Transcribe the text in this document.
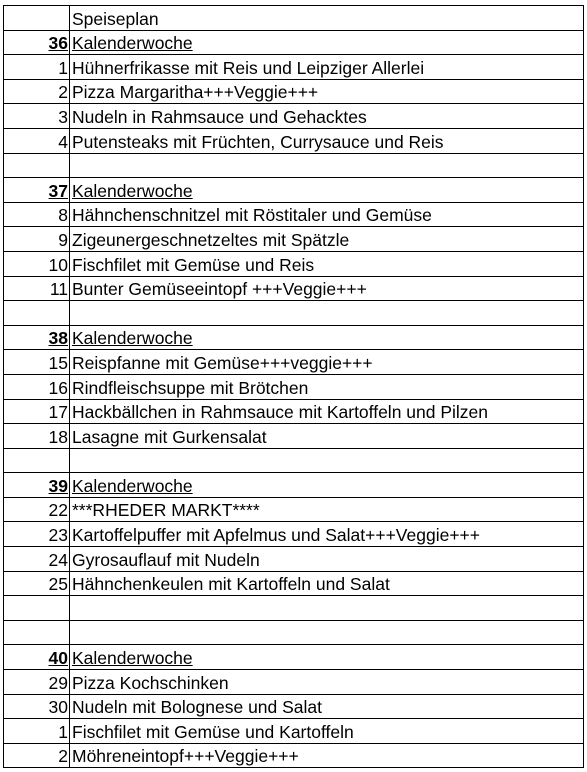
	Speiseplan
36	Kalenderwoche
1	Hühnerfrikasse mit Reis und Leipziger Allerlei
2	Pizza Margaritha+++Veggie+++
3	Nudeln in Rahmsauce und Gehacktes
4	Putensteaks mit Früchten, Currysauce und Reis

37	Kalenderwoche
8	Hähnchenschnitzel mit Röstitaler und Gemüse
9	Zigeunergeschnetzeltes mit Spätzle
10	Fischfilet mit Gemüse und Reis
11	Bunter Gemüseeintopf +++Veggie+++

38	Kalenderwoche
15	Reispfanne mit Gemüse+++veggie+++
16	Rindfleischsuppe mit Brötchen
17	Hackbällchen in Rahmsauce mit Kartoffeln und Pilzen
18	Lasagne mit Gurkensalat

39	Kalenderwoche
22	***RHEDER MARKT****
23	Kartoffelpuffer mit Apfelmus und Salat+++Veggie+++
24	Gyrosauflauf mit Nudeln
25	Hähnchenkeulen mit Kartoffeln und Salat

40	Kalenderwoche
29	Pizza Kochschinken
30	Nudeln mit Bolognese und Salat
1	Fischfilet mit Gemüse und Kartoffeln
2	Möhreneintopf+++Veggie+++
